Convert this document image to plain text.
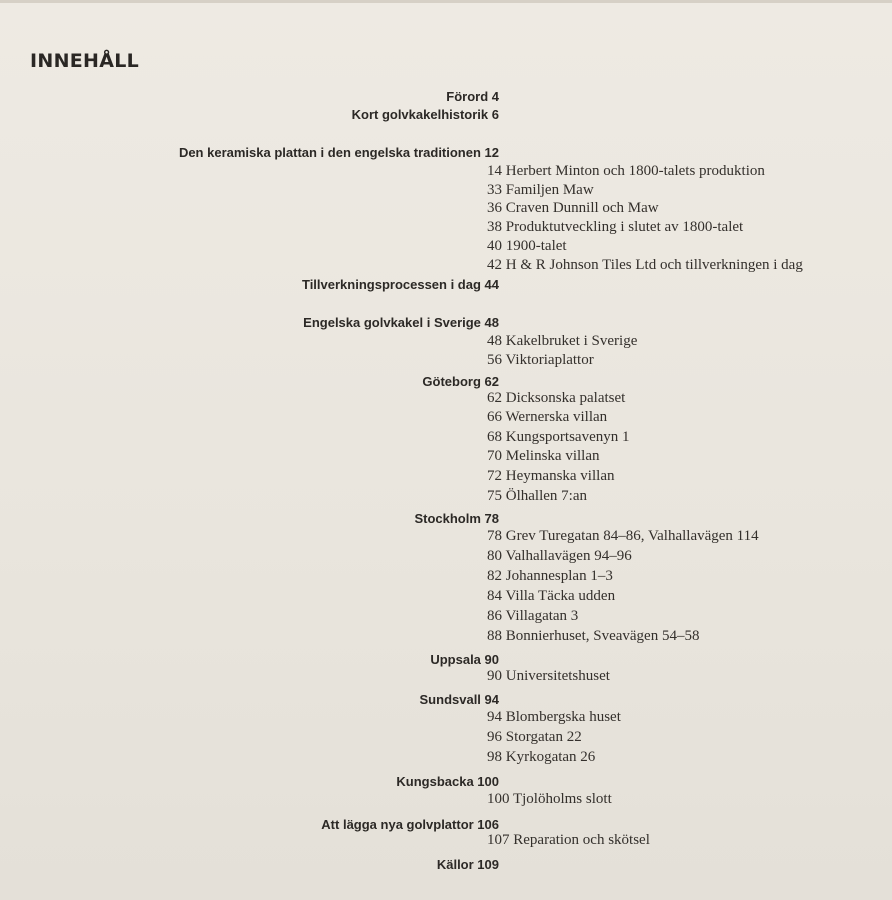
INNEHÅLL
Förord 4
Kort golvkakelhistorik 6
Den keramiska plattan i den engelska traditionen 12
Tillverkningsprocessen i dag 44
Engelska golvkakel i Sverige 48
Göteborg 62
Stockholm 78
Uppsala 90
Sundsvall 94
Kungsbacka 100
Att lägga nya golvplattor 106
Källor 109
14 Herbert Minton och 1800-talets produktion
33 Familjen Maw
36 Craven Dunnill och Maw
38 Produktutveckling i slutet av 1800-talet
40 1900-talet
42 H & R Johnson Tiles Ltd och tillverkningen i dag
48 Kakelbruket i Sverige
56 Viktoriaplattor
62 Dicksonska palatset
66 Wernerska villan
68 Kungsportsavenyn 1
70 Melinska villan
72 Heymanska villan
75 Ölhallen 7:an
78 Grev Turegatan 84–86, Valhallavägen 114
80 Valhallavägen 94–96
82 Johannesplan 1–3
84 Villa Täcka udden
86 Villagatan 3
88 Bonnierhuset, Sveavägen 54–58
90 Universitetshuset
94 Blombergska huset
96 Storgatan 22
98 Kyrkogatan 26
100 Tjolöholms slott
107 Reparation och skötsel
